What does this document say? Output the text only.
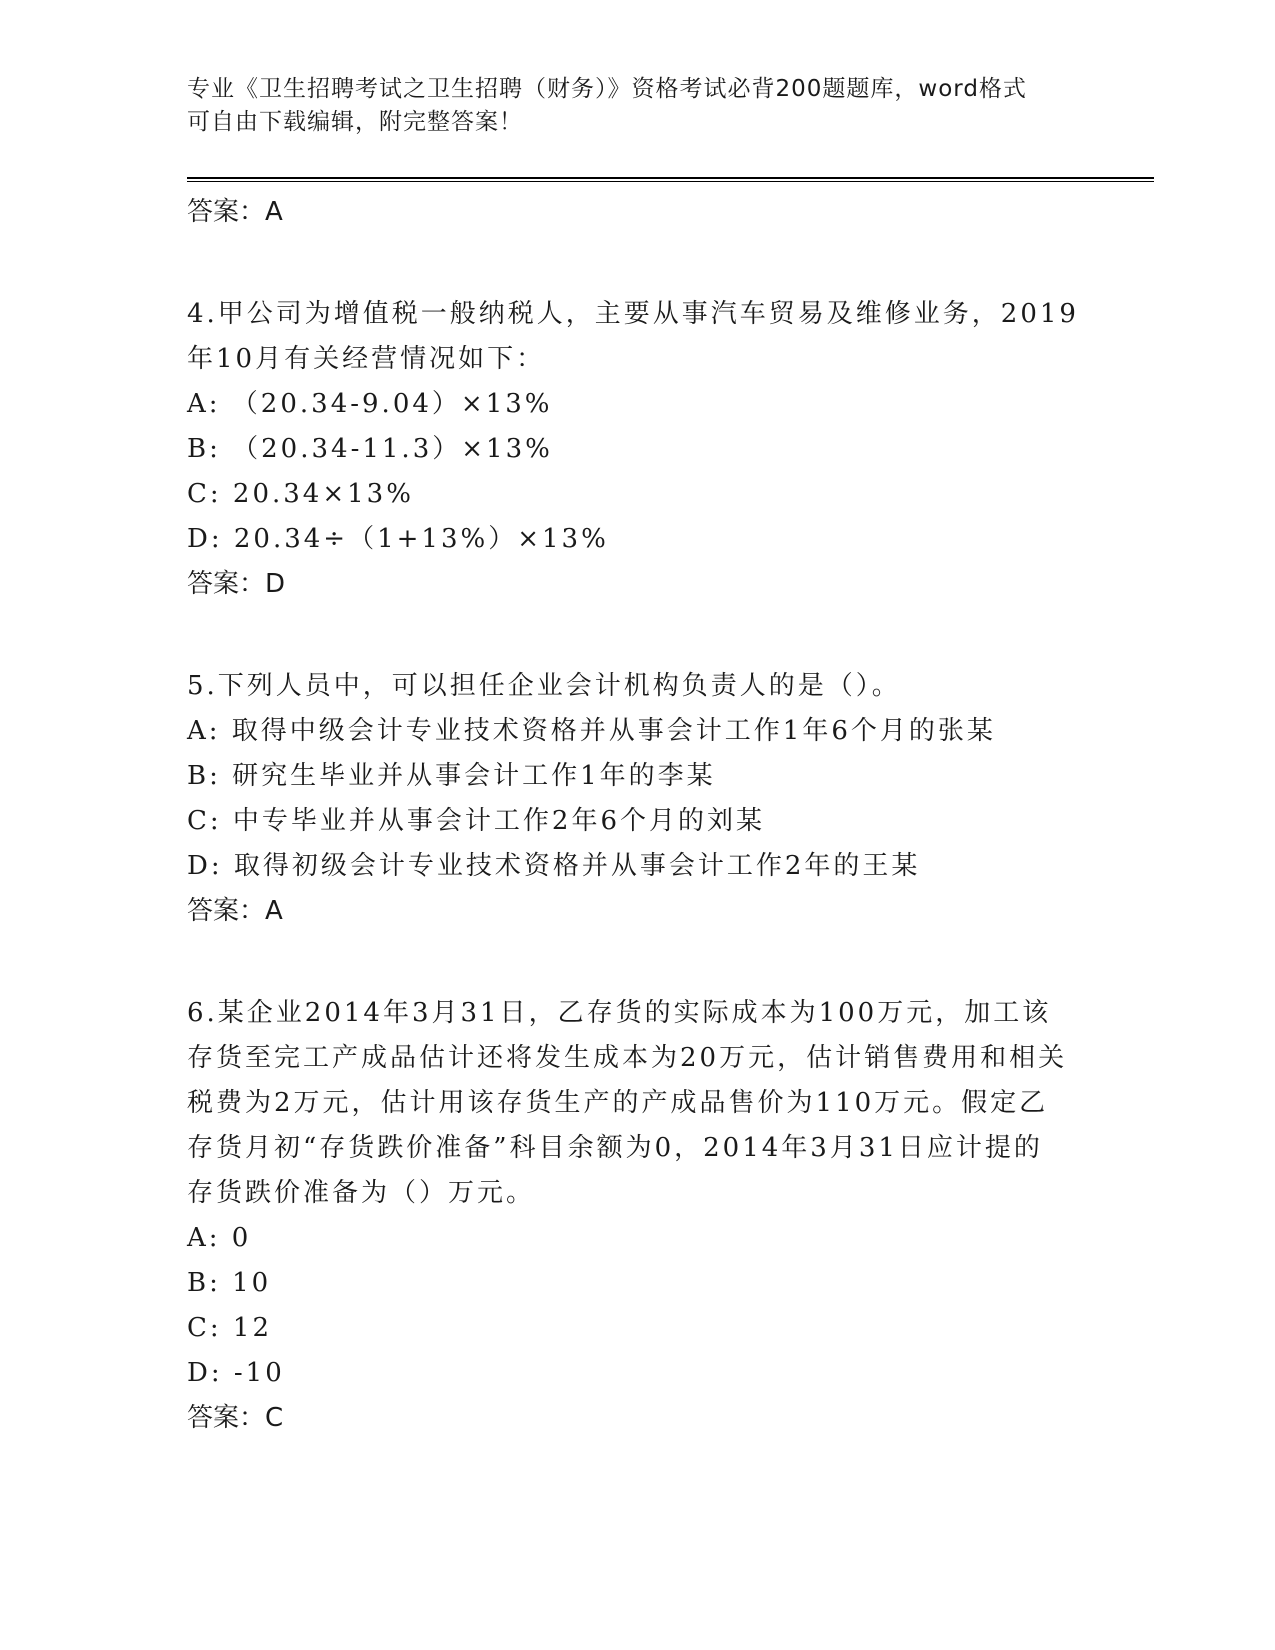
专业《卫生招聘考试之卫生招聘（财务）》资格考试必背200题题库，word格式
可自由下载编辑，附完整答案！
答案：A
4.甲公司为增值税一般纳税人，主要从事汽车贸易及维修业务，2019
年10月有关经营情况如下：
A: （20.34-9.04）×13%
B: （20.34-11.3）×13%
C: 20.34×13%
D: 20.34÷（1+13%）×13%
答案：D
5.下列人员中，可以担任企业会计机构负责人的是（）。
A: 取得中级会计专业技术资格并从事会计工作1年6个月的张某
B: 研究生毕业并从事会计工作1年的李某
C: 中专毕业并从事会计工作2年6个月的刘某
D: 取得初级会计专业技术资格并从事会计工作2年的王某
答案：A
6.某企业2014年3月31日，乙存货的实际成本为100万元，加工该
存货至完工产成品估计还将发生成本为20万元，估计销售费用和相关
税费为2万元，估计用该存货生产的产成品售价为110万元。假定乙
存货月初“存货跌价准备”科目余额为0，2014年3月31日应计提的
存货跌价准备为（）万元。
A: 0
B: 10
C: 12
D: -10
答案：C
